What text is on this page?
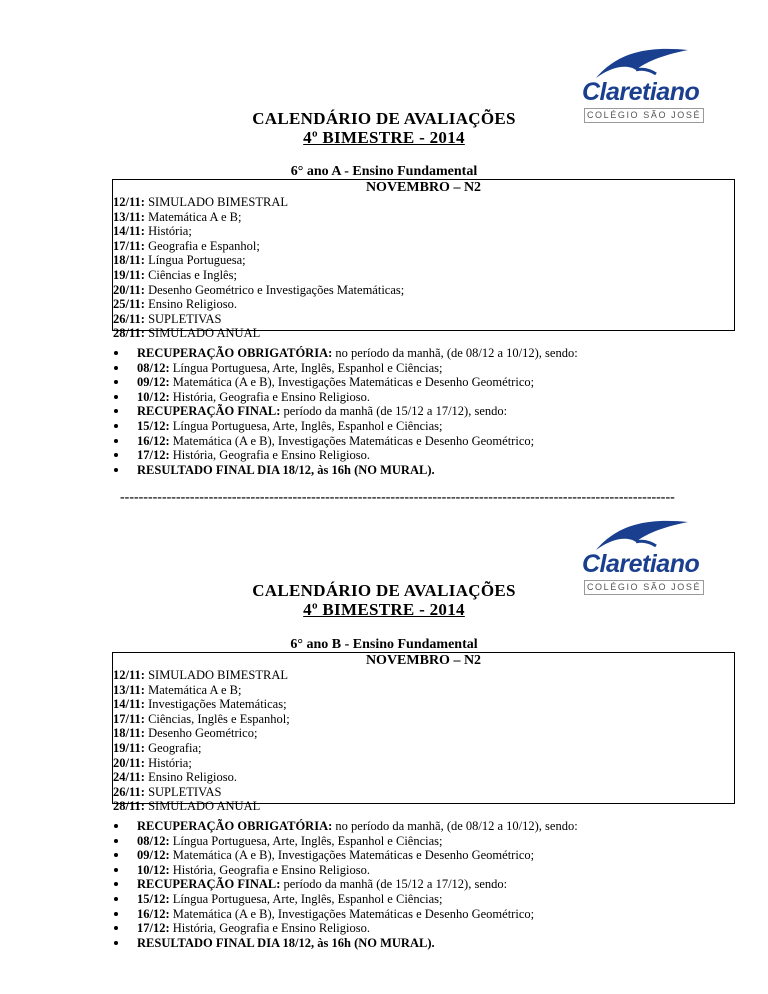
Claretiano
COLÉGIO SÃO JOSÉ
CALENDÁRIO DE AVALIAÇÕES
4º BIMESTRE - 2014
6° ano A - Ensino Fundamental
NOVEMBRO – N2
12/11: SIMULADO BIMESTRAL
13/11: Matemática A e B;
14/11: História;
17/11: Geografia e Espanhol;
18/11: Língua Portuguesa;
19/11: Ciências e Inglês;
20/11: Desenho Geométrico e Investigações Matemáticas;
25/11: Ensino Religioso.
26/11: SUPLETIVAS
28/11: SIMULADO ANUAL
RECUPERAÇÃO OBRIGATÓRIA: no período da manhã, (de 08/12 a 10/12), sendo:
08/12: Língua Portuguesa, Arte, Inglês, Espanhol e Ciências;
09/12: Matemática (A e B), Investigações Matemáticas e Desenho Geométrico;
10/12: História, Geografia e Ensino Religioso.
RECUPERAÇÃO FINAL: período da manhã (de 15/12 a 17/12), sendo:
15/12: Língua Portuguesa, Arte, Inglês, Espanhol e Ciências;
16/12: Matemática (A e B), Investigações Matemáticas e Desenho Geométrico;
17/12: História, Geografia e Ensino Religioso.
RESULTADO FINAL DIA 18/12, às 16h (NO MURAL).
-----------------------------------------------------------------------------------------------------------------------
Claretiano
COLÉGIO SÃO JOSÉ
CALENDÁRIO DE AVALIAÇÕES
4º BIMESTRE - 2014
6° ano B - Ensino Fundamental
NOVEMBRO – N2
12/11: SIMULADO BIMESTRAL
13/11: Matemática A e B;
14/11: Investigações Matemáticas;
17/11: Ciências, Inglês e Espanhol;
18/11: Desenho Geométrico;
19/11: Geografia;
20/11: História;
24/11: Ensino Religioso.
26/11: SUPLETIVAS
28/11: SIMULADO ANUAL
RECUPERAÇÃO OBRIGATÓRIA: no período da manhã, (de 08/12 a 10/12), sendo:
08/12: Língua Portuguesa, Arte, Inglês, Espanhol e Ciências;
09/12: Matemática (A e B), Investigações Matemáticas e Desenho Geométrico;
10/12: História, Geografia e Ensino Religioso.
RECUPERAÇÃO FINAL: período da manhã (de 15/12 a 17/12), sendo:
15/12: Língua Portuguesa, Arte, Inglês, Espanhol e Ciências;
16/12: Matemática (A e B), Investigações Matemáticas e Desenho Geométrico;
17/12: História, Geografia e Ensino Religioso.
RESULTADO FINAL DIA 18/12, às 16h (NO MURAL).
